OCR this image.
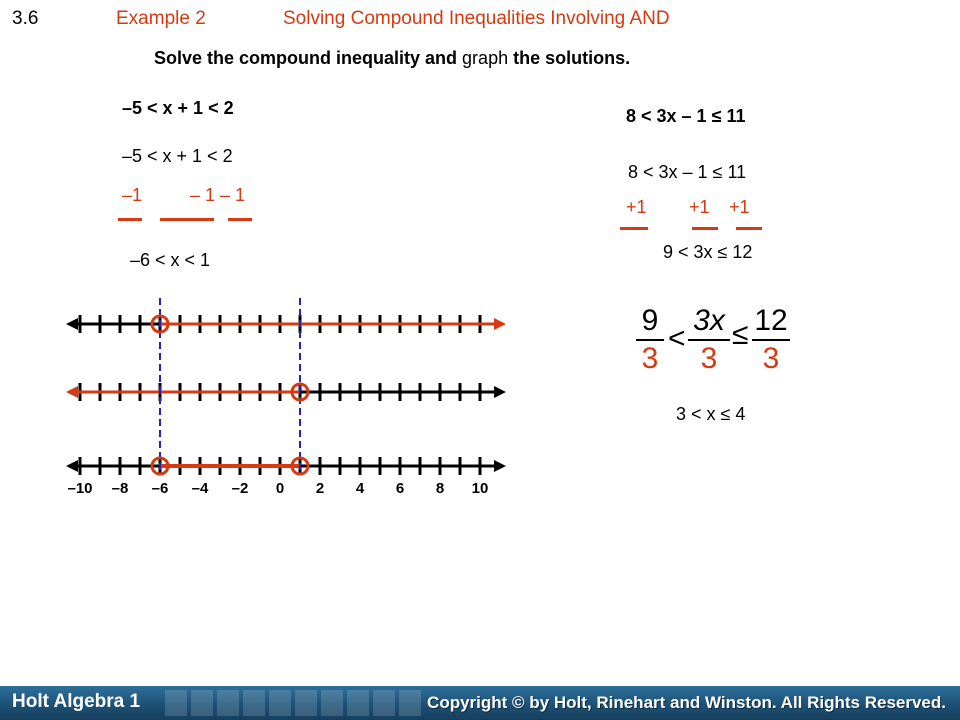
3.6	Example 2	Solving Compound Inequalities Involving AND
Solve the compound inequality and graph the solutions.
–5 < x + 1 < 2
–5 < x + 1 < 2
–1	– 1 – 1
–6 < x < 1
8 < 3x – 1 ≤ 11
8 < 3x – 1 ≤ 11
+1 +1 +1
9 < 3x ≤ 12
9
3
<
3x
3
≤ 12
3
3 < x ≤ 4
–10 –8 –6 –4 –2 0 2 4 6 8 10
Holt Algebra 1	Copyright © by Holt, Rinehart and Winston. All Rights Reserved.
